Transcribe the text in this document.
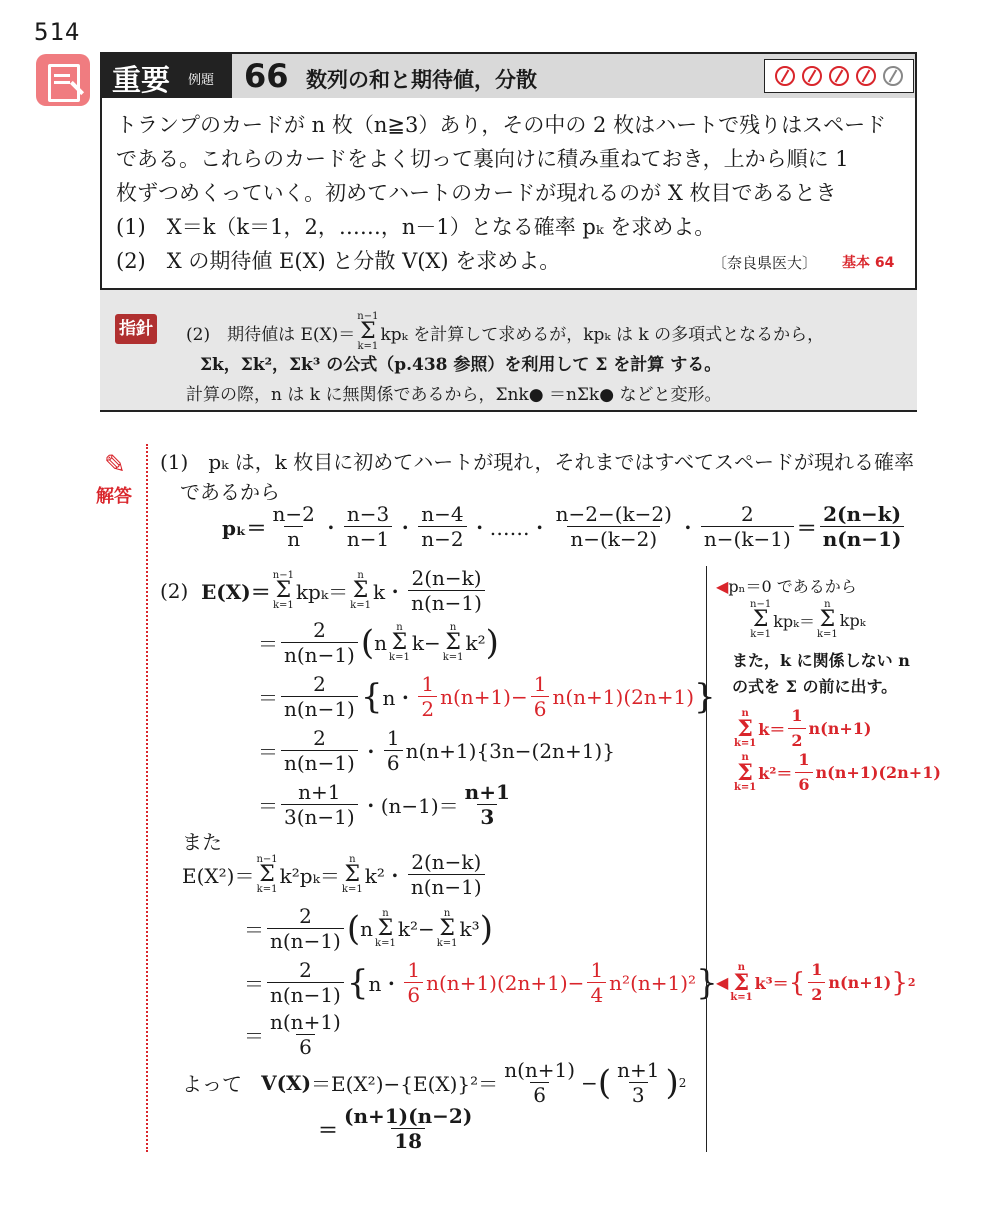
514
重要 例題 66 数列の和と期待値，分散
トランプのカードが n 枚（n≧3）あり，その中の 2 枚はハートで残りはスペード
である。これらのカードをよく切って裏向けに積み重ねておき，上から順に 1
枚ずつめくっていく。初めてハートのカードが現れるのが X 枚目であるとき
(1)　X＝k（k＝1，2，……，n－1）となる確率 pₖ を求めよ。
(2)　X の期待値 E(X) と分散 V(X) を求めよ。	〔奈良県医大〕 基本 64
指針 (2)　期待値は E(X)＝
n−1
Σ
k=1
kpₖ を計算して求めるが，kpₖ は k の多項式となるから，
Σk，Σk²，Σk³ の公式（p.438 参照）を利用して Σ を計算 する。
計算の際，n は k に無関係であるから，Σnk● ＝nΣk● などと変形。
✎
解答
(1)　pₖ は，k 枚目に初めてハートが現れ，それまではすべてスペードが現れる確率
であるから
$p_k= \frac{n-2}{n}$ ・ $\frac{n-3}{n-1}$ ・ $\frac{n-4}{n-2}$ ・……・ $\frac{n-2-(k-2)}{n-(k-2)}$ ・ $\frac{2}{n-(k-1)} = \frac{2(n-k)}{n(n-1)}$
(2)
E(X)＝
n−1
Σ
k=1
kpₖ＝
n
Σ
k=1
k・ $\frac{2(n-k)}{n(n-1)}$
＝ $\frac{2}{n(n-1)}$ ( n
n
Σ
k=1
k−
n
Σ
k=1
k² )
＝ $\frac{2}{n(n-1)}$ { n・ $\frac{1}{2} n(n+1)- \frac{1}{6} n(n+1)(2n+1)$ }
＝ $\frac{2}{n(n-1)}$ ・ $\frac{1}{6} n(n+1)\{3n-(2n+1)\}$
＝ $\frac{n+1}{3(n-1)}$ ・$(n-1)= \frac{n+1}{3}$
また
E(X²)＝
n−1
Σ
k=1
k²pₖ＝
n
Σ
k=1
k²・ $\frac{2(n-k)}{n(n-1)}$
＝ $\frac{2}{n(n-1)}$ ( n
n
Σ
k=1
k² −
n
Σ
k=1
k³ )
＝ $\frac{2}{n(n-1)}$ { n・ $\frac{1}{6} n(n+1)(2n+1)- \frac{1}{4} n^2(n+1)^2$ }
＝ $\frac{n(n+1)}{6}$
よって
$V(X) =E(X^2)-\{E(X)\}^2= \frac{n(n+1)}{6}$ − ( $\frac{n+1}{3}$ ) 2
＝ $\frac{(n+1)(n-2)}{18}$
◀pₙ＝0 であるから
n−1
Σ
k=1
kpₖ＝
n
Σ
k=1
kpₖ
また，k に関係しない n
の式を Σ の前に出す。
n
Σ
k=1
$k= \frac{1}{2} n(n+1)$
n
Σ
k=1
$k^2= \frac{1}{6} n(n+1)(2n+1)$
◀
n
Σ
k=1
k³＝ { $\frac{1}{2} n(n+1)$ } 2
